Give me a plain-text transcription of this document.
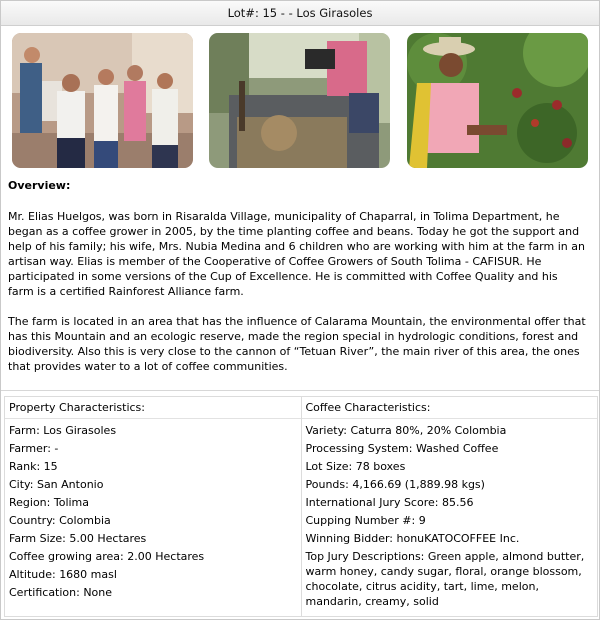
Lot#: 15 - - Los Girasoles
Overview:

Mr. Elias Huelgos, was born in Risaralda Village, municipality of Chaparral, in Tolima Department, he began as a coffee grower in 2005, by the time planting coffee and beans. Today he got the support and help of his family; his wife, Mrs. Nubia Medina and 6 children who are working with him at the farm in an artisan way. Elias is member of the Cooperative of Coffee Growers of South Tolima - CAFISUR. He participated in some versions of the Cup of Excellence. He is committed with Coffee Quality and his farm is a certified Rainforest Alliance farm.

The farm is located in an area that has the influence of Calarama Mountain, the environmental offer that has this Mountain and an ecologic reserve, made the region special in hydrologic conditions, forest and biodiversity. Also this is very close to the cannon of “Tetuan River”, the main river of this area, the ones that provides water to a lot of coffee communities.

Property Characteristics:
Farm: Los Girasoles
Farmer: -
Rank: 15
City: San Antonio
Region: Tolima
Country: Colombia
Farm Size: 5.00 Hectares
Coffee growing area: 2.00 Hectares
Altitude: 1680 masl
Certification: None
Coffee Characteristics:
Variety: Caturra 80%, 20% Colombia
Processing System: Washed Coffee
Lot Size: 78 boxes
Pounds: 4,166.69 (1,889.98 kgs)
International Jury Score: 85.56
Cupping Number #: 9
Winning Bidder: honuKATOCOFFEE Inc.
Top Jury Descriptions: Green apple, almond butter, warm honey, candy sugar, floral, orange blossom, chocolate, citrus acidity, tart, lime, melon, mandarin, creamy, solid
